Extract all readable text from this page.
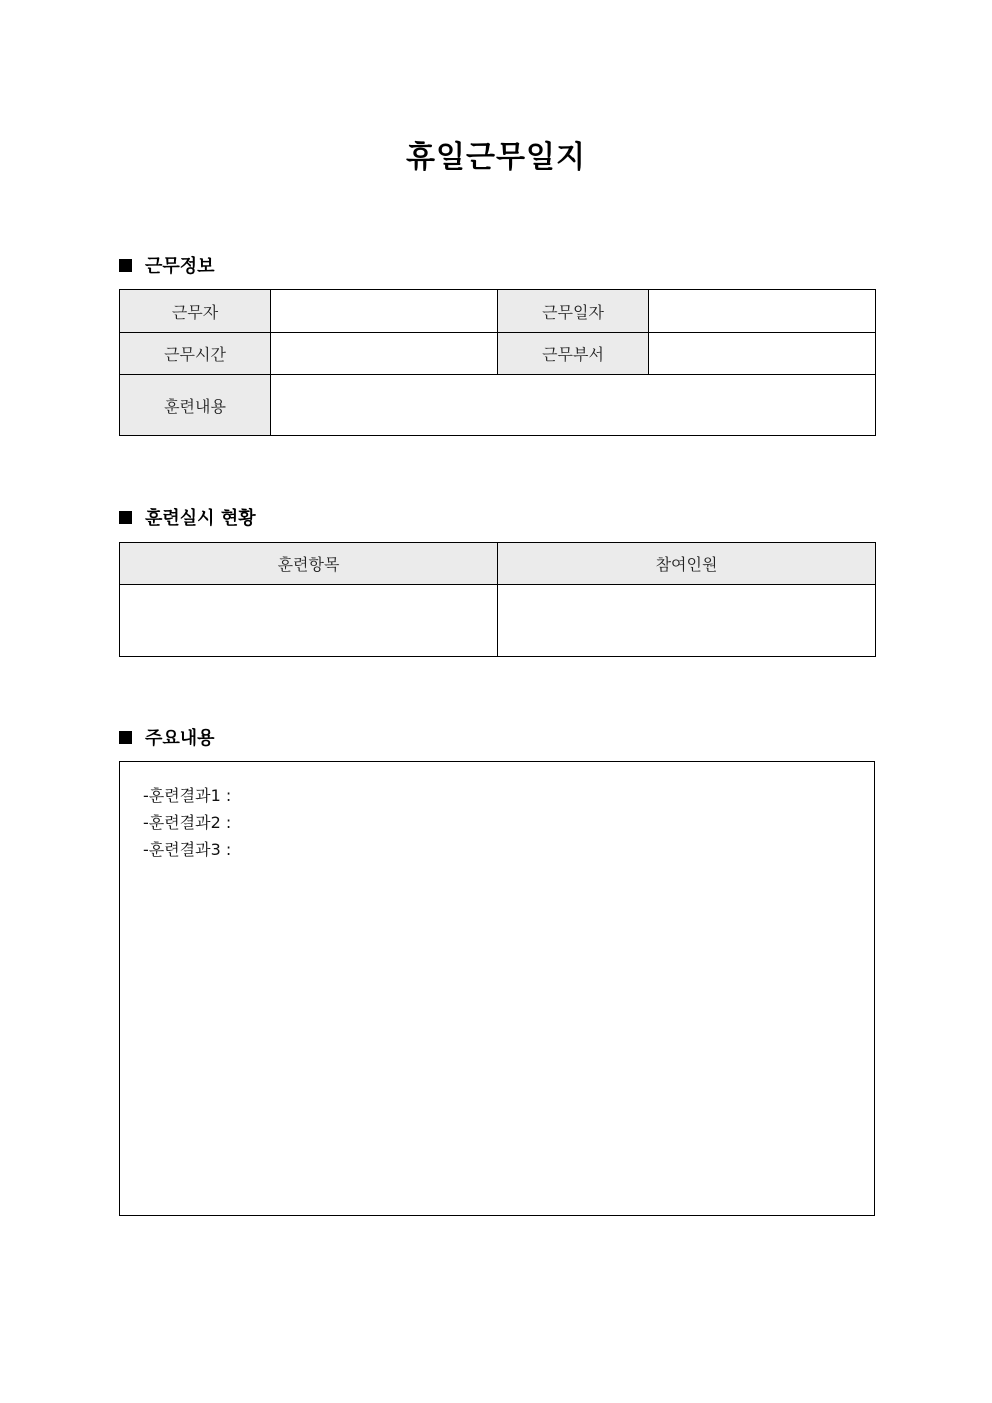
휴일근무일지
근무정보
근무자		근무일자	
근무시간		근무부서	
훈련내용			
훈련실시 현황
훈련항목	참여인원

주요내용

-훈련결과1 :

-훈련결과2 :

-훈련결과3 :
